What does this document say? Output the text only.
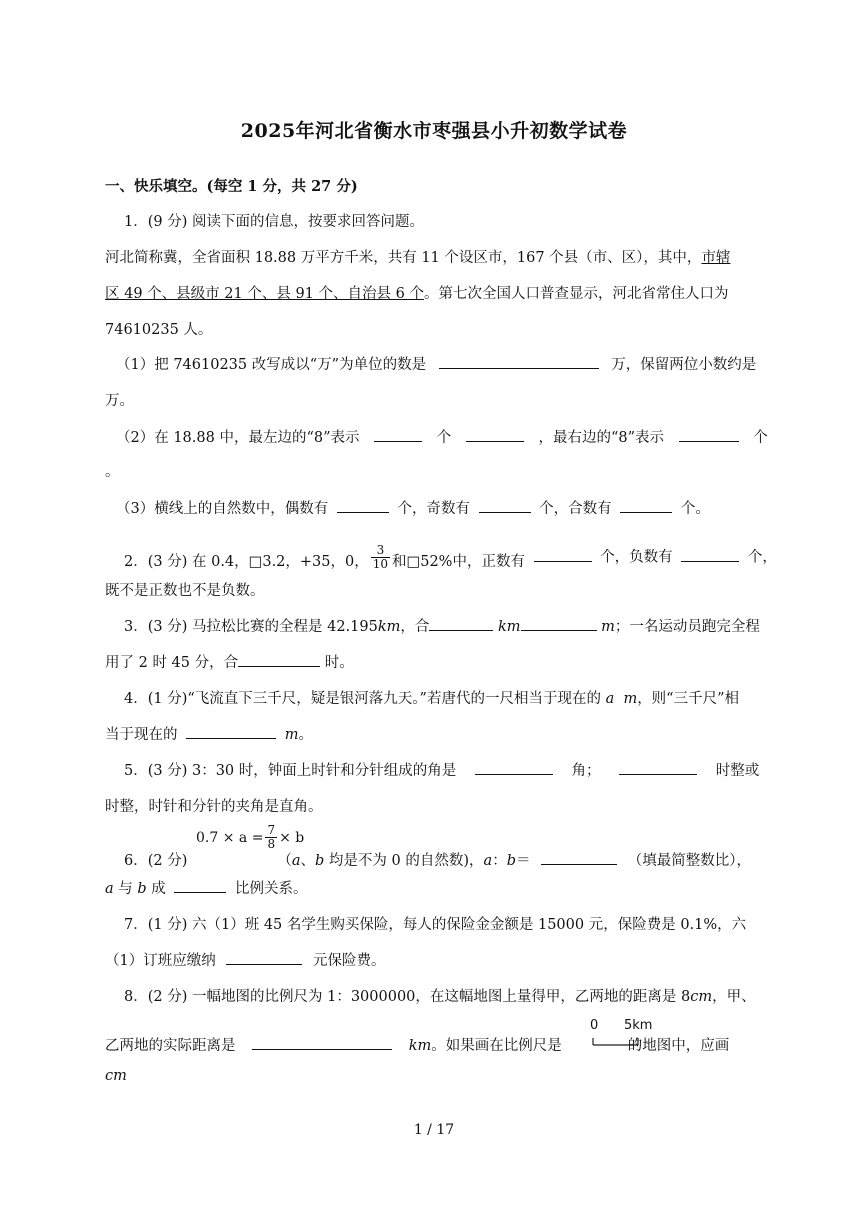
2025年河北省衡水市枣强县小升初数学试卷
一、快乐填空。(每空 1 分，共 27 分)
1．(9 分) 阅读下面的信息，按要求回答问题。
河北简称冀，全省面积 18.88 万平方千米，共有 11 个设区市，167 个县（市、区），其中，市辖
区 49 个、县级市 21 个、县 91 个、自治县 6 个。第七次全国人口普查显示，河北省常住人口为
74610235 人。
（1）把 74610235 改写成以“万”为单位的数是	万，保留两位小数约是
万。
（2）在 18.88 中，最左边的“8”表示	个	，最右边的“8”表示	个
。
（3）横线上的自然数中，偶数有	个，奇数有	个，合数有	个。
2．(3 分) 在 0.4，□3.2，+35，0， $\frac{3}{10}$ 和□52%中，正数有	个，负数有	个，
既不是正数也不是负数。
3．(3 分) 马拉松比赛的全程是 42.195km，合	km	m；一名运动员跑完全程
用了 2 时 45 分，合	时。
4．(1 分)“飞流直下三千尺，疑是银河落九天。”若唐代的一尺相当于现在的 a m，则“三千尺”相
当于现在的	m。
5．(3 分) 3：30 时，钟面上时针和分针组成的角是	角；	时整或
时整，时针和分针的夹角是直角。
$0.7 \times a = \frac{7}{8} \times b$
6．(2 分)	（a、b 均是不为 0 的自然数)，a：b＝	（填最简整数比），
a 与 b 成	比例关系。
7．(1 分) 六（1）班 45 名学生购买保险，每人的保险金金额是 15000 元，保险费是 0.1%，六
（1）订班应缴纳	元保险费。
8．(2 分) 一幅地图的比例尺为 1：3000000，在这幅地图上量得甲，乙两地的距离是 8cm，甲、
0 5km
乙两地的实际距离是	km。如果画在比例尺是	的地图中，应画
cm
1 / 17
